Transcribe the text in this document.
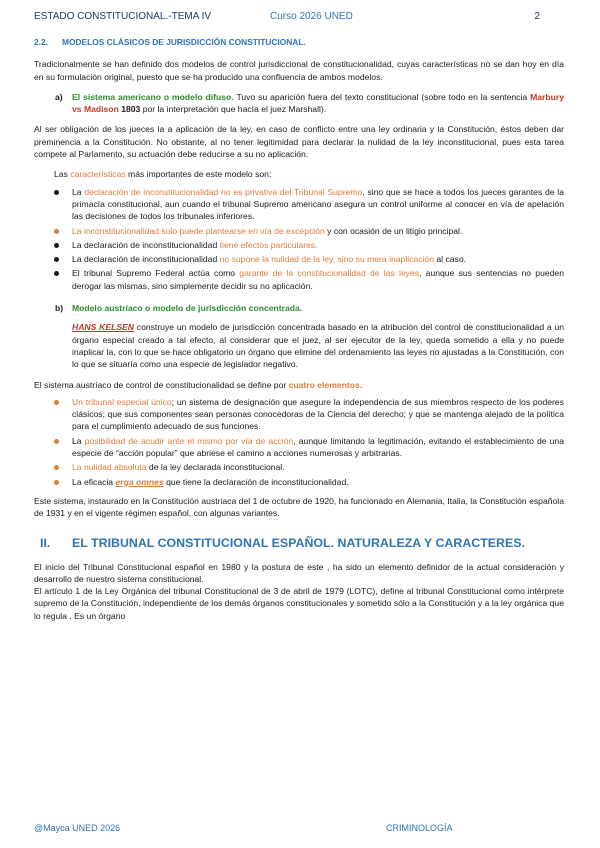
ESTADO CONSTITUCIONAL.-TEMA IV	Curso 2026 UNED	2
2.2. MODELOS CLÁSICOS DE JURISDICCIÓN CONSTITUCIONAL.

Tradicionalmente se han definido dos modelos de control jurisdiccional de constitucionalidad, cuyas características no se dan hoy en día en su formulación original, puesto que se ha producido una confluencia de ambos modelos.

a) El sistema americano o modelo difuso. Tuvo su aparición fuera del texto constitucional (sobre todo en la sentencia Marbury vs Madison 1803 por la interpretación que hacía el juez Marshall).

Al ser obligación de los jueces la a aplicación de la ley, en caso de conflicto entre una ley ordinaria y la Constitución, éstos deben dar preminencia a la Constitución. No obstante, al no tener legitimidad para declarar la nulidad de la ley inconstitucional, pues esta tarea compete al Parlamento, su actuación debe reducirse a su no aplicación.

Las características más importantes de este modelo son:

La declaración de inconstitucionalidad no es privativa del Tribunal Supremo, sino que se hace a todos los jueces garantes de la primacía constitucional, aun cuando el tribunal Supremo americano asegura un control uniforme al conocer en vía de apelación las decisiones de todos los tribunales inferiores.
La inconstitucionalidad solo puede plantearse en vía de excepción y con ocasión de un litigio principal.
La declaración de inconstitucionalidad tiene efectos particulares.
La declaración de inconstitucionalidad no supone la nulidad de la ley, sino su mera inaplicación al caso.
El tribunal Supremo Federal actúa como garante de la constitucionalidad de las leyes, aunque sus sentencias no pueden derogar las mismas, sino simplemente decidir su no aplicación.

b) Modelo austríaco o modelo de jurisdicción concentrada.

HANS KELSEN construye un modelo de jurisdicción concentrada basado en la atribución del control de constitucionalidad a un órgano especial creado a tal efecto, al considerar que el juez, al ser ejecutor de la ley, queda sometido a ella y no puede inaplicar la, con lo que se hace obligatorio un órgano que elimine del ordenamiento las leyes no ajustadas a la Constitución, con lo que se situaría como una especie de legislador negativo.

El sistema austríaco de control de constitucionalidad se define por cuatro elementos.

Un tribunal especial único; un sistema de designación que asegure la independencia de sus miembros respecto de los poderes clásicos; que sus componentes sean personas conocedoras de la Ciencia del derecho; y que se mantenga alejado de la política para el cumplimiento adecuado de sus funciones.
La posibilidad de acudir ante el mismo por vía de acción, aunque limitando la legitimación, evitando el establecimiento de una especie de “acción popular” que abriese el camino a acciones numerosas y arbitrarias.
La nulidad absoluta de la ley declarada inconstitucional.
La eficacia erga omnes que tiene la declaración de inconstitucionalidad.

Este sistema, instaurado en la Constitución austriaca del 1 de octubre de 1920, ha funcionado en Alemania, Italia, la Constitución española de 1931 y en el vigente régimen español, con algunas variantes.

II. EL TRIBUNAL CONSTITUCIONAL ESPAÑOL. NATURALEZA Y CARACTERES.

El inicio del Tribunal Constitucional español en 1980 y la postura de este , ha sido un elemento definidor de la actual consideración y desarrollo de nuestro sistema constitucional.

El artículo 1 de la Ley Orgánica del tribunal Constitucional de 3 de abril de 1979 (LOTC), define al tribunal Constitucional como intérprete supremo de la Constitución, independiente de los demás órganos constitucionales y sometido sólo a la Constitución y a la ley orgánica que lo regula . Es un órgano

@Mayca UNED 2026	CRIMINOLOGÍA
